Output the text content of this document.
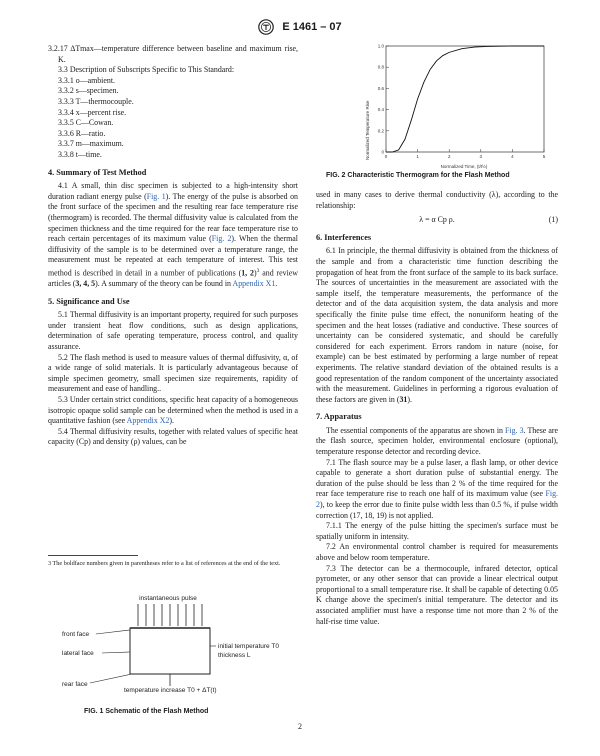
E 1461 – 07

3.2.17 ΔTmax—temperature difference between baseline and maximum rise, K.

3.3 Description of Subscripts Specific to This Standard:

3.3.1 o—ambient.

3.3.2 s—specimen.

3.3.3 T—thermocouple.

3.3.4 x—percent rise.

3.3.5 C—Cowan.

3.3.6 R—ratio.

3.3.7 m—maximum.

3.3.8 t—time.

4. Summary of Test Method

4.1 A small, thin disc specimen is subjected to a high-intensity short duration radiant energy pulse (Fig. 1). The energy of the pulse is absorbed on the front surface of the specimen and the resulting rear face temperature rise (thermogram) is recorded. The thermal diffusivity value is calculated from the specimen thickness and the time required for the rear face temperature rise to reach certain percentages of its maximum value (Fig. 2). When the thermal diffusivity of the sample is to be determined over a temperature range, the measurement must be repeated at each temperature of interest. This test method is described in detail in a number of publications (1, 2)$^3$ and review articles (3, 4, 5). A summary of the theory can be found in Appendix X1.

5. Significance and Use

5.1 Thermal diffusivity is an important property, required for such purposes under transient heat flow conditions, such as design applications, determination of safe operating temperature, process control, and quality assurance.

5.2 The flash method is used to measure values of thermal diffusivity, α, of a wide range of solid materials. It is particularly advantageous because of simple specimen geometry, small specimen size requirements, rapidity of measurement and ease of handling..

5.3 Under certain strict conditions, specific heat capacity of a homogeneous isotropic opaque solid sample can be determined when the method is used in a quantitative fashion (see Appendix X2).

5.4 Thermal diffusivity results, together with related values of specific heat capacity (Cp) and density (ρ) values, can be

3 The boldface numbers given in parentheses refer to a list of references at the end of the text.
instantaneous pulse
front face
lateral face
rear face
initial temperature T0
thickness L
temperature increase T0 + ΔT(t)
FIG. 1 Schematic of the Flash Method
Normalized Temperature Rise
Normalized Time, (t/t½)
1.0
0.8
0.6
0.4
0.2
0
0	1	2	3	4	5
FIG. 2 Characteristic Thermogram for the Flash Method

used in many cases to derive thermal conductivity (λ), according to the relationship:

λ = α Cp ρ.	(1)

6. Interferences

6.1 In principle, the thermal diffusivity is obtained from the thickness of the sample and from a characteristic time function describing the propagation of heat from the front surface of the sample to its back surface. The sources of uncertainties in the measurement are associated with the sample itself, the temperature measurements, the performance of the detector and of the data acquisition system, the data analysis and more specifically the finite pulse time effect, the nonuniform heating of the specimen and the heat losses (radiative and conductive. These sources of uncertainty can be considered systematic, and should be carefully considered for each experiment. Errors random in nature (noise, for example) can be best estimated by performing a large number of repeat experiments. The relative standard deviation of the obtained results is a good representation of the random component of the uncertainty associated with the measurement. Guidelines in performing a rigorous evaluation of these factors are given in (31).

7. Apparatus

The essential components of the apparatus are shown in Fig. 3. These are the flash source, specimen holder, environmental enclosure (optional), temperature response detector and recording device.

7.1 The flash source may be a pulse laser, a flash lamp, or other device capable to generate a short duration pulse of substantial energy. The duration of the pulse should be less than 2 % of the time required for the rear face temperature rise to reach one half of its maximum value (see Fig. 2), to keep the error due to finite pulse width less than 0.5 %, if pulse width correction (17, 18, 19) is not applied.

7.1.1 The energy of the pulse hitting the specimen's surface must be spatially uniform in intensity.

7.2 An environmental control chamber is required for measurements above and below room temperature.

7.3 The detector can be a thermocouple, infrared detector, optical pyrometer, or any other sensor that can provide a linear electrical output proportional to a small temperature rise. It shall be capable of detecting 0.05 K change above the specimen's initial temperature. The detector and its associated amplifier must have a response time not more than 2 % of the half-rise time value.

2
